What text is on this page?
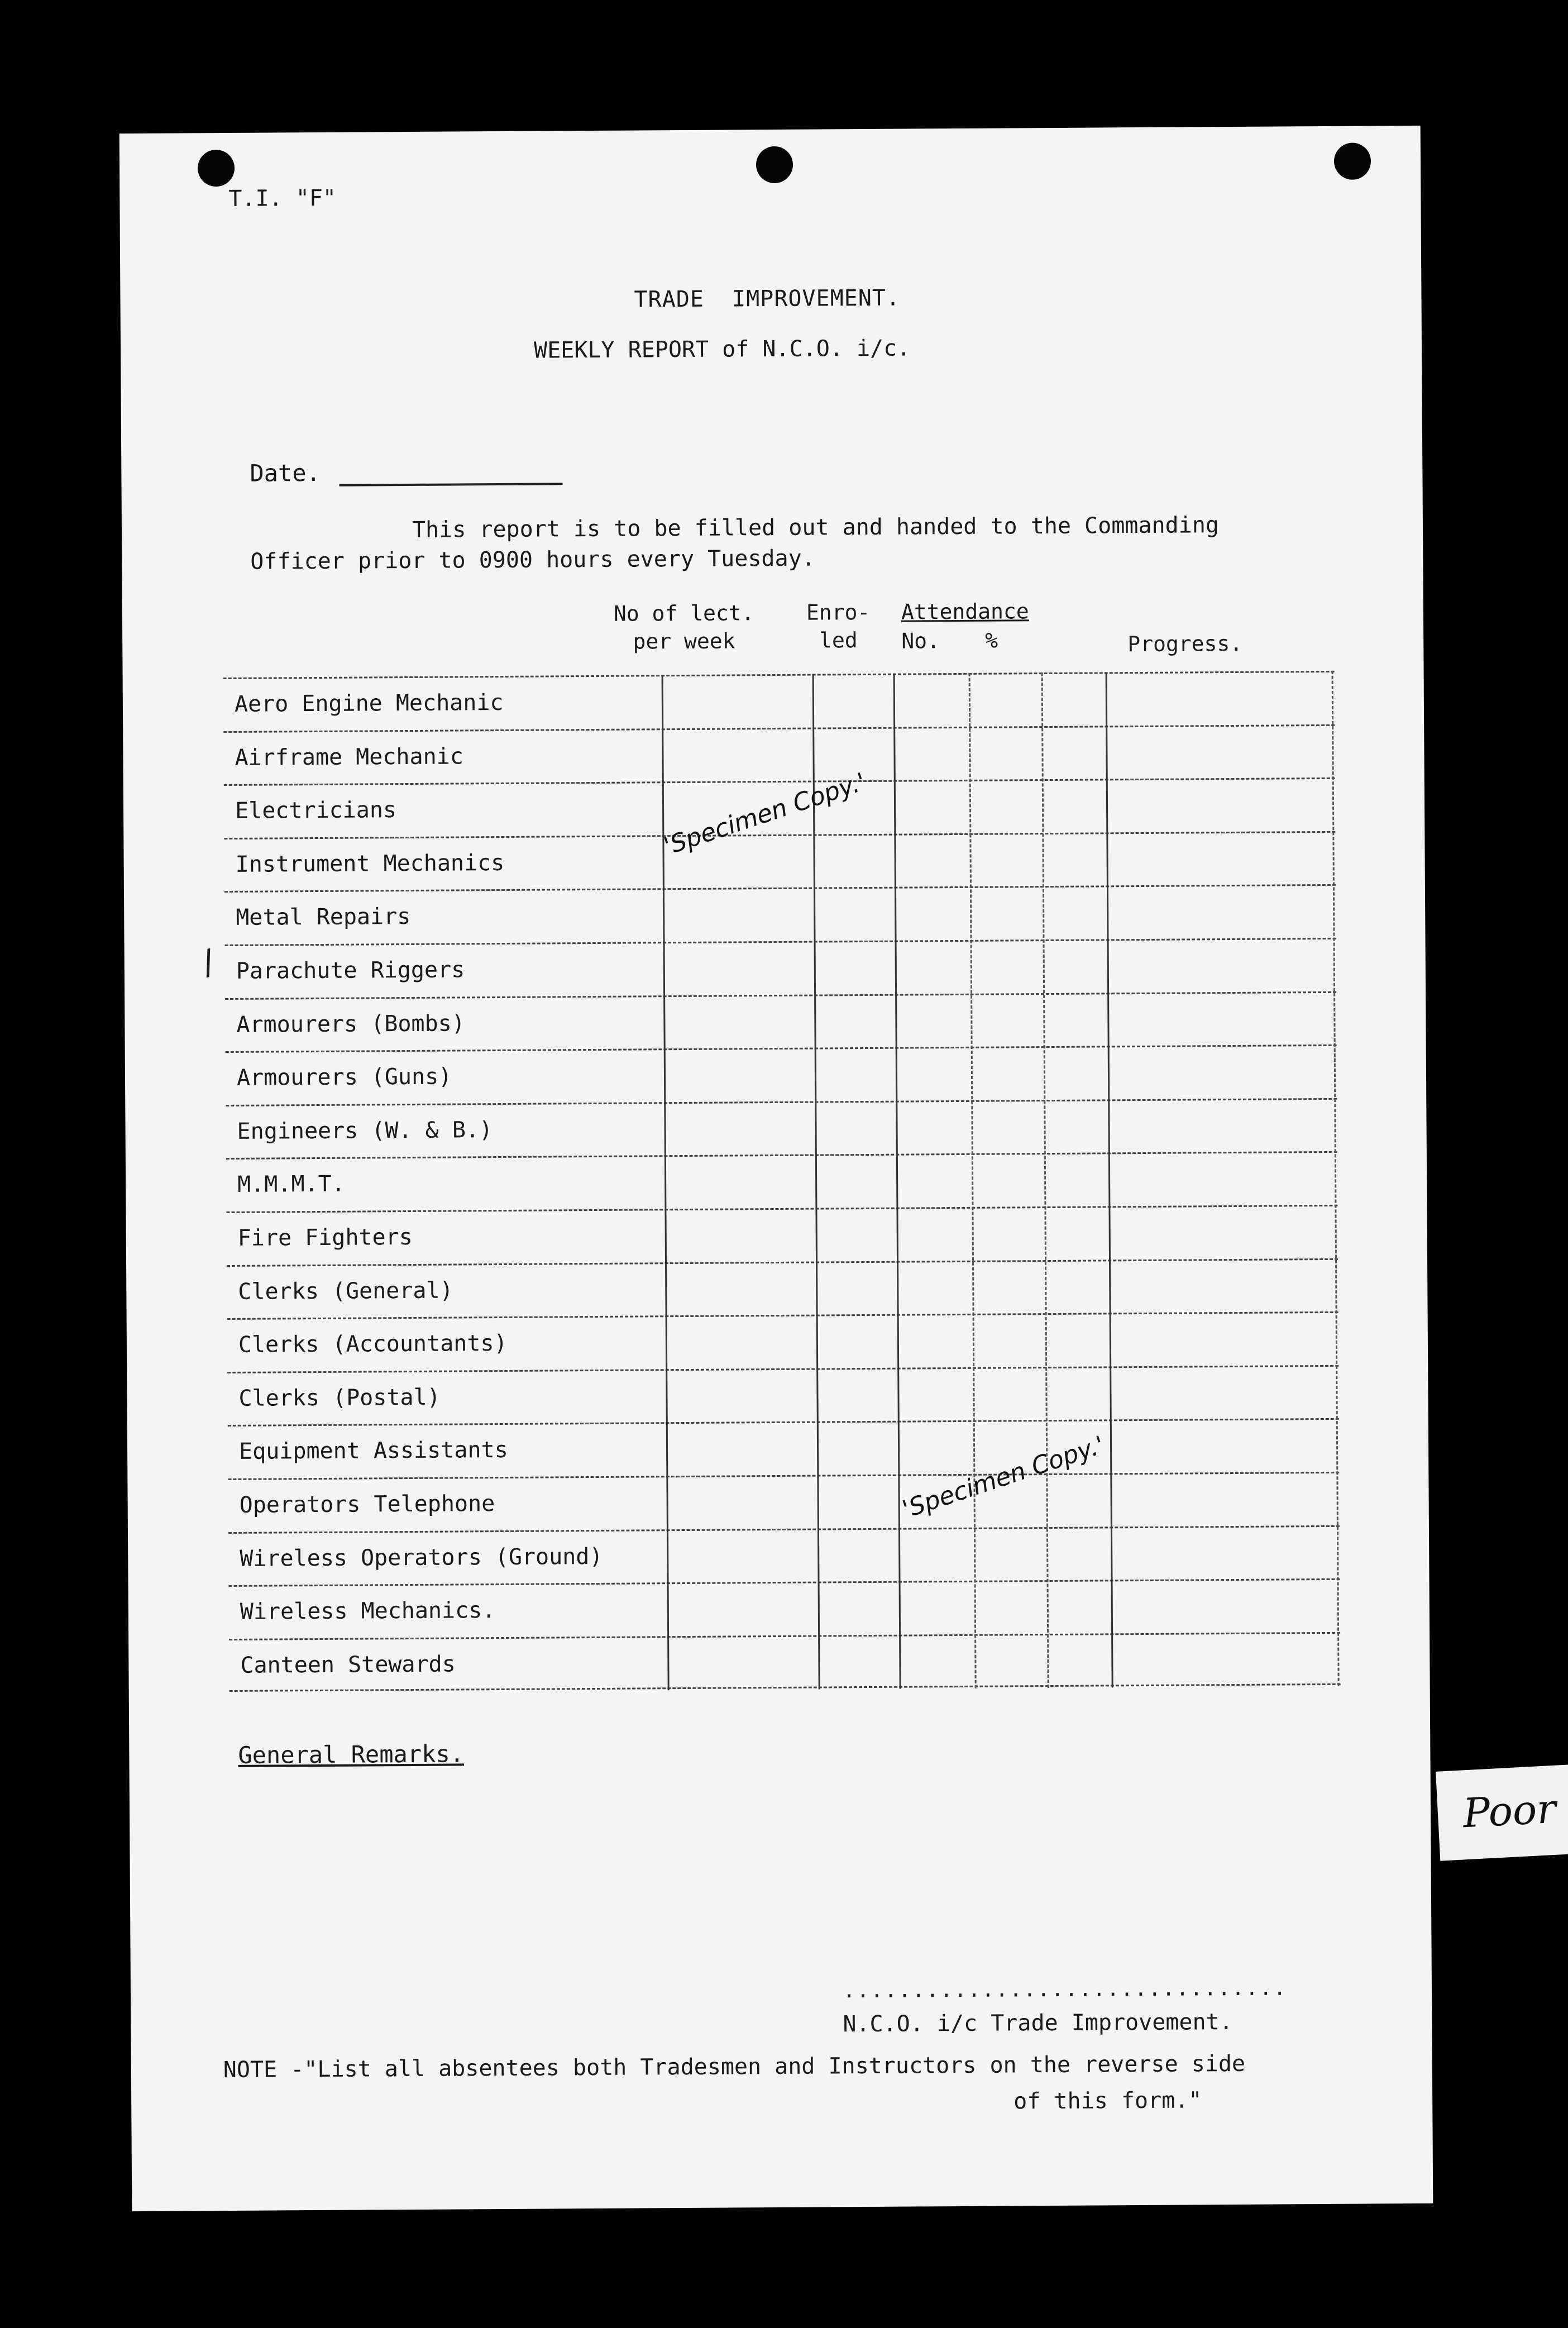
T.I. "F"
TRADE  IMPROVEMENT.
WEEKLY REPORT of N.C.O. i/c.
Date.
This report is to be filled out and handed to the Commanding
Officer prior to 0900 hours every Tuesday.
No of lect.
per week
Enro-
led
Attendance
No. %	Progress.
Aero Engine Mechanic
Airframe Mechanic
Electricians
Instrument Mechanics
Metal Repairs
Parachute Riggers
Armourers (Bombs)
Armourers (Guns)
Engineers (W. & B.)
M.M.M.T.
Fire Fighters
Clerks (General)
Clerks (Accountants)
Clerks (Postal)
Equipment Assistants
Operators Telephone
Wireless Operators (Ground)
Wireless Mechanics.
Canteen Stewards
'Specimen Copy.'
'Specimen Copy.'
/
General Remarks.
................................
N.C.O. i/c Trade Improvement.
NOTE -"List all absentees both Tradesmen and Instructors on the reverse side
of this form."
Poor
